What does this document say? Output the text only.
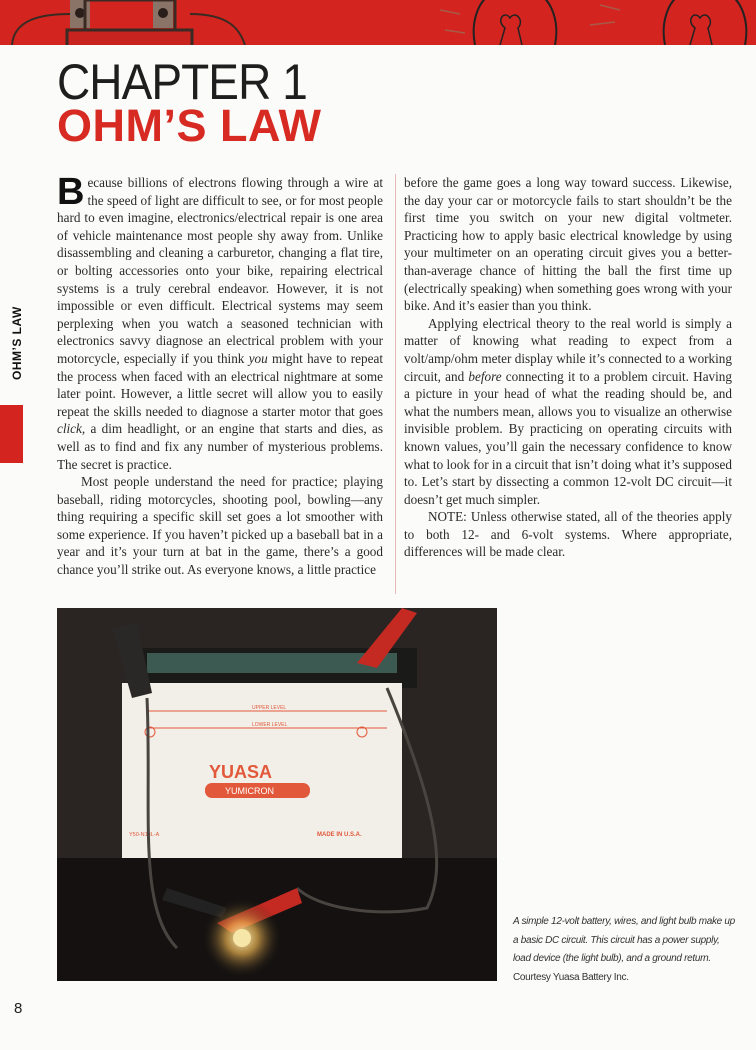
CHAPTER 1
OHM’S LAW
OHM’S LAW

Because billions of electrons flowing through a wire at the speed of light are difficult to see, or for most people hard to even imagine, electronics/electrical repair is one area of vehicle maintenance most people shy away from. Unlike disassembling and cleaning a carburetor, changing a flat tire, or bolting accessories onto your bike, repairing electrical systems is a truly cerebral endeavor. However, it is not impossible or even difficult. Electrical systems may seem perplexing when you watch a seasoned technician with electronics savvy diagnose an electrical problem with your motorcycle, especially if you think you might have to repeat the process when faced with an electrical nightmare at some later point. However, a little secret will allow you to easily repeat the skills needed to diagnose a starter motor that goes click, a dim headlight, or an engine that starts and dies, as well as to find and fix any number of mysterious problems. The secret is practice.

Most people understand the need for practice; playing baseball, riding motorcycles, shooting pool, bowling—any thing requiring a specific skill set goes a lot smoother with some experience. If you haven’t picked up a baseball bat in a year and it’s your turn at bat in the game, there’s a good chance you’ll strike out. As everyone knows, a little practice

before the game goes a long way toward success. Likewise, the day your car or motorcycle fails to start shouldn’t be the first time you switch on your new digital voltmeter. Practicing how to apply basic electrical knowledge by using your multimeter on an operating circuit gives you a better-than-average chance of hitting the ball the first time up (electrically speaking) when something goes wrong with your bike. And it’s easier than you think.

Applying electrical theory to the real world is simply a matter of knowing what reading to expect from a volt/amp/ohm meter display while it’s connected to a working circuit, and before connecting it to a problem circuit. Having a picture in your head of what the reading should be, and what the numbers mean, allows you to visualize an otherwise invisible problem. By practicing on operating circuits with known values, you’ll gain the necessary confidence to know what to look for in a circuit that isn’t doing what it’s supposed to. Let’s start by dissecting a common 12-volt DC circuit—it doesn’t get much simpler.

NOTE: Unless otherwise stated, all of the theories apply to both 12- and 6-volt systems. Where appropriate, differences will be made clear.

UPPER LEVEL
LOWER LEVEL
YUASA
YUMICRON
Y50-N18L-A	MADE IN U.S.A.
A simple 12-volt battery, wires, and light bulb make up a basic DC circuit. This circuit has a power supply, load device (the light bulb), and a ground return. Courtesy Yuasa Battery Inc.
8
